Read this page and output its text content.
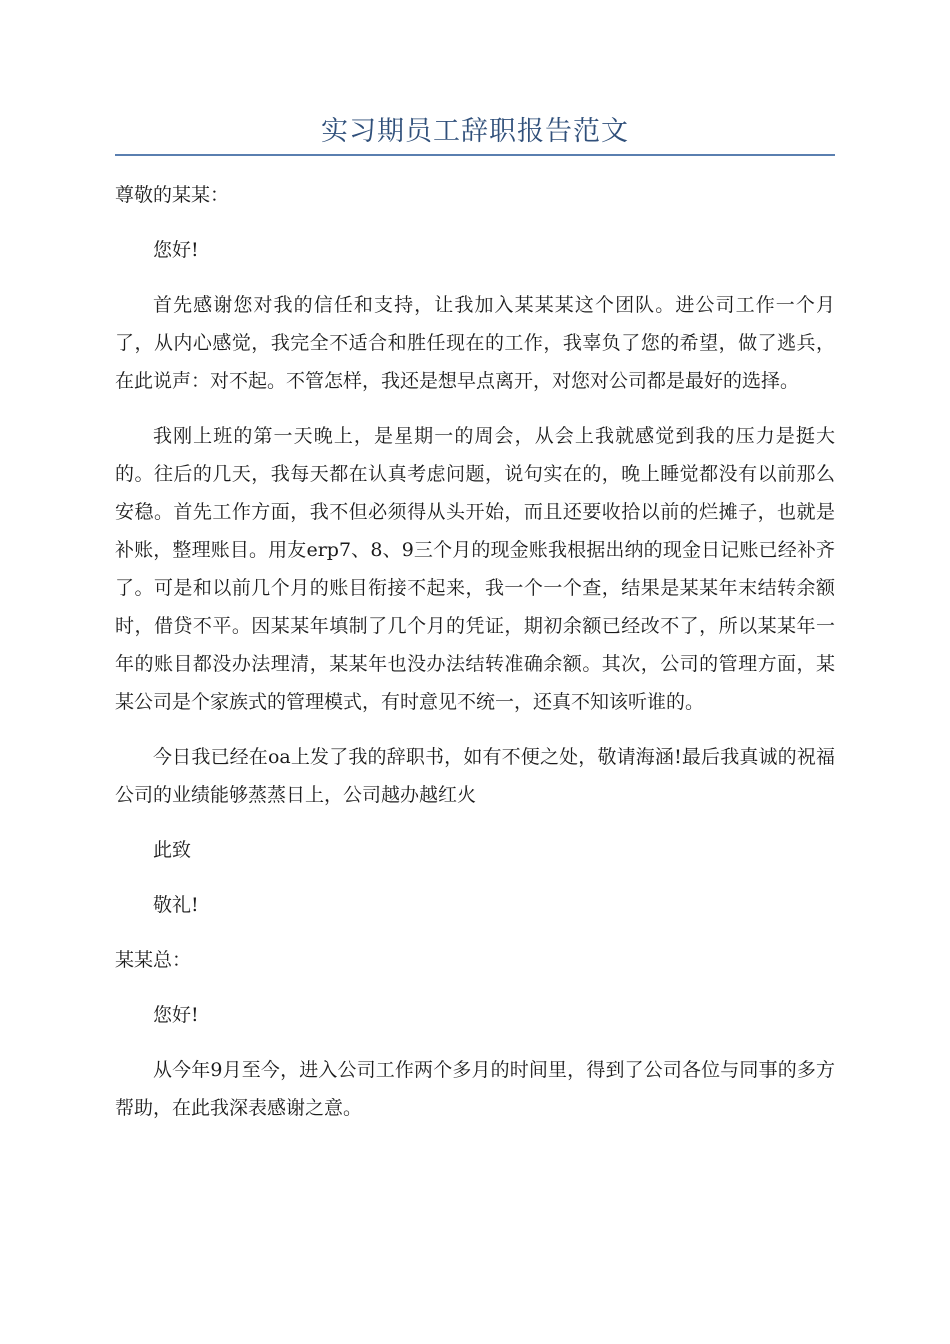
实习期员工辞职报告范文

尊敬的某某：

您好!

首先感谢您对我的信任和支持，让我加入某某某这个团队。进公司工作一个月了，从内心感觉，我完全不适合和胜任现在的工作，我辜负了您的希望，做了逃兵，在此说声：对不起。不管怎样，我还是想早点离开，对您对公司都是最好的选择。

我刚上班的第一天晚上，是星期一的周会，从会上我就感觉到我的压力是挺大的。往后的几天，我每天都在认真考虑问题，说句实在的，晚上睡觉都没有以前那么安稳。首先工作方面，我不但必须得从头开始，而且还要收拾以前的烂摊子，也就是补账，整理账目。用友erp7、8、9三个月的现金账我根据出纳的现金日记账已经补齐了。可是和以前几个月的账目衔接不起来，我一个一个查，结果是某某年末结转余额时，借贷不平。因某某年填制了几个月的凭证，期初余额已经改不了，所以某某年一年的账目都没办法理清，某某年也没办法结转准确余额。其次，公司的管理方面，某某公司是个家族式的管理模式，有时意见不统一，还真不知该听谁的。

今日我已经在oa上发了我的辞职书，如有不便之处，敬请海涵!最后我真诚的祝福公司的业绩能够蒸蒸日上，公司越办越红火

此致

敬礼!

某某总：

您好!

从今年9月至今，进入公司工作两个多月的时间里，得到了公司各位与同事的多方帮助，在此我深表感谢之意。
